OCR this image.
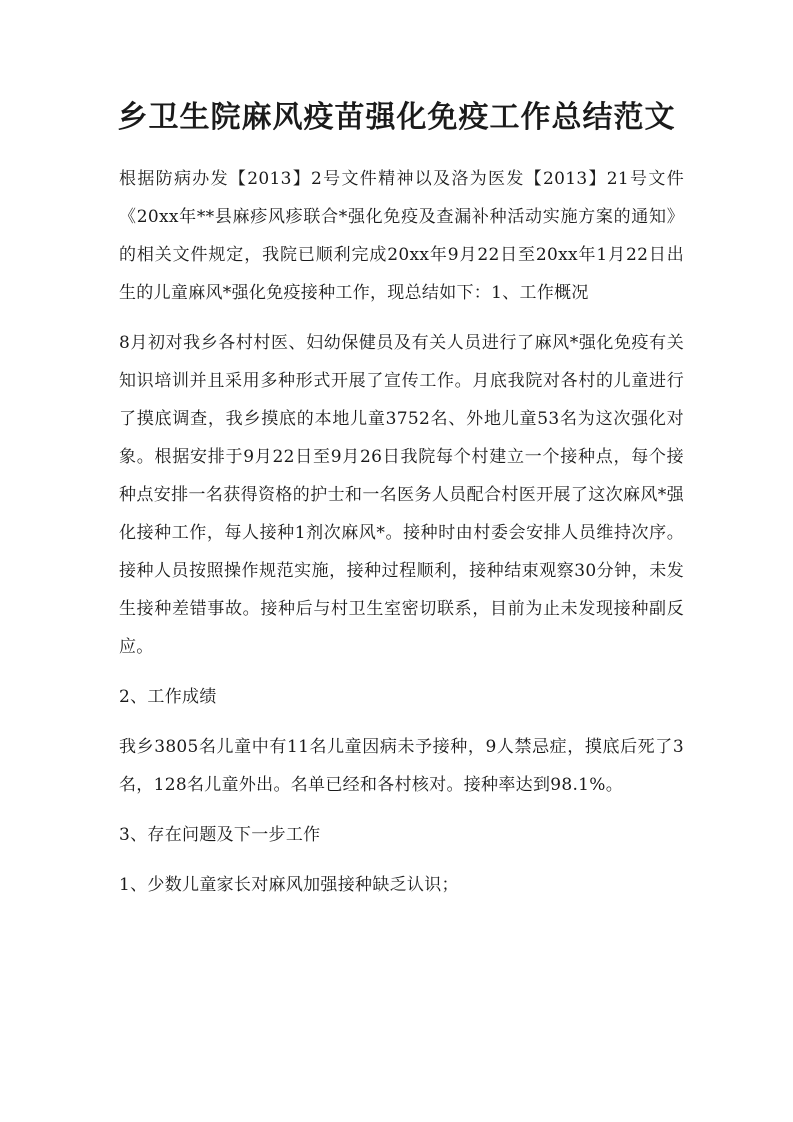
乡卫生院麻风疫苗强化免疫工作总结范文

根据防病办发【2013】2号文件精神以及洛为医发【2013】21号文件《20xx年**县麻疹风疹联合*强化免疫及查漏补种活动实施方案的通知》的相关文件规定，我院已顺利完成20xx年9月22日至20xx年1月22日出生的儿童麻风*强化免疫接种工作，现总结如下：1、工作概况

8月初对我乡各村村医、妇幼保健员及有关人员进行了麻风*强化免疫有关知识培训并且采用多种形式开展了宣传工作。月底我院对各村的儿童进行了摸底调查，我乡摸底的本地儿童3752名、外地儿童53名为这次强化对象。根据安排于9月22日至9月26日我院每个村建立一个接种点，每个接种点安排一名获得资格的护士和一名医务人员配合村医开展了这次麻风*强化接种工作，每人接种1剂次麻风*。接种时由村委会安排人员维持次序。接种人员按照操作规范实施，接种过程顺利，接种结束观察30分钟，未发生接种差错事故。接种后与村卫生室密切联系，目前为止未发现接种副反应。

2、工作成绩

我乡3805名儿童中有11名儿童因病未予接种，9人禁忌症，摸底后死了3名，128名儿童外出。名单已经和各村核对。接种率达到98.1%。

3、存在问题及下一步工作

1、少数儿童家长对麻风加强接种缺乏认识；
